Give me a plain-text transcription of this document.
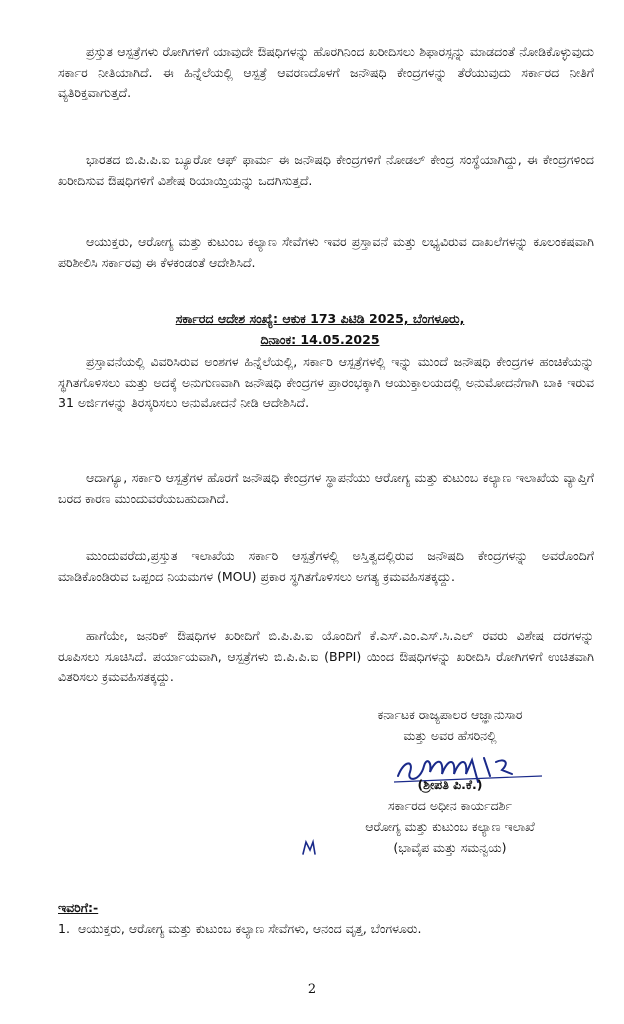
ಪ್ರಸ್ತುತ ಆಸ್ಪತ್ರೆಗಳು ರೋಗಿಗಳಿಗೆ ಯಾವುದೇ ಔಷಧಿಗಳನ್ನು ಹೊರಗಿನಿಂದ ಖರೀದಿಸಲು ಶಿಫಾರಸ್ಸನ್ನು ಮಾಡದಂತೆ ನೋಡಿಕೊಳ್ಳುವುದು ಸರ್ಕಾರ ನೀತಿಯಾಗಿದೆ. ಈ ಹಿನ್ನೆಲೆಯಲ್ಲಿ ಆಸ್ಪತ್ರೆ ಆವರಣದೊಳಗೆ ಜನೌಷಧಿ ಕೇಂದ್ರಗಳನ್ನು ತೆರೆಯುವುದು ಸರ್ಕಾರದ ನೀತಿಗೆ ವ್ಯತಿರಿಕ್ತವಾಗುತ್ತದೆ.

ಭಾರತದ ಬಿ.ಪಿ.ಪಿ.ಐ ಬ್ಯೂರೋ ಆಫ್ ಫಾರ್ಮ ಈ ಜನೌಷಧಿ ಕೇಂದ್ರಗಳಿಗೆ ನೋಡಲ್ ಕೇಂದ್ರ ಸಂಸ್ಥೆಯಾಗಿದ್ದು, ಈ ಕೇಂದ್ರಗಳಿಂದ ಖರೀದಿಸುವ ಔಷಧಿಗಳಿಗೆ ವಿಶೇಷ ರಿಯಾಯ್ತಿಯನ್ನು ಒದಗಿಸುತ್ತದೆ.

ಆಯುಕ್ತರು, ಆರೋಗ್ಯ ಮತ್ತು ಕುಟುಂಬ ಕಲ್ಯಾಣ ಸೇವೆಗಳು ಇವರ ಪ್ರಸ್ತಾವನೆ ಮತ್ತು ಲಭ್ಯವಿರುವ ದಾಖಲೆಗಳನ್ನು ಕೂಲಂಕಷವಾಗಿ ಪರಿಶೀಲಿಸಿ ಸರ್ಕಾರವು ಈ ಕೆಳಕಂಡಂತೆ ಆದೇಶಿಸಿದೆ.

ಸರ್ಕಾರದ ಆದೇಶ ಸಂಖ್ಯೆ: ಆಕುಕ 173 ಪಿಟಿಡಿ 2025, ಬೆಂಗಳೂರು,
ದಿನಾಂಕ: 14.05.2025

ಪ್ರಸ್ತಾವನೆಯಲ್ಲಿ ವಿವರಿಸಿರುವ ಅಂಶಗಳ ಹಿನ್ನೆಲೆಯಲ್ಲಿ, ಸರ್ಕಾರಿ ಆಸ್ಪತ್ರೆಗಳಲ್ಲಿ ಇನ್ನು ಮುಂದೆ ಜನೌಷಧಿ ಕೇಂದ್ರಗಳ ಹಂಚಿಕೆಯನ್ನು ಸ್ಥಗಿತಗೊಳಿಸಲು ಮತ್ತು ಅದಕ್ಕೆ ಅನುಗುಣವಾಗಿ ಜನೌಷಧಿ ಕೇಂದ್ರಗಳ ಪ್ರಾರಂಭಕ್ಕಾಗಿ ಆಯುಕ್ತಾಲಯದಲ್ಲಿ ಅನುಮೋದನೆಗಾಗಿ ಬಾಕಿ ಇರುವ 31 ಅರ್ಜಿಗಳನ್ನು ತಿರಸ್ಕರಿಸಲು ಅನುಮೋದನೆ ನೀಡಿ ಆದೇಶಿಸಿದೆ.

ಆದಾಗ್ಯೂ, ಸರ್ಕಾರಿ ಆಸ್ಪತ್ರೆಗಳ ಹೊರಗೆ ಜನೌಷಧಿ ಕೇಂದ್ರಗಳ ಸ್ಥಾಪನೆಯು ಆರೋಗ್ಯ ಮತ್ತು ಕುಟುಂಬ ಕಲ್ಯಾಣ ಇಲಾಖೆಯ ವ್ಯಾಪ್ತಿಗೆ ಬರದ ಕಾರಣ ಮುಂದುವರೆಯಬಹುದಾಗಿದೆ.

ಮುಂದುವರೆದು,ಪ್ರಸ್ತುತ ಇಲಾಖೆಯ ಸರ್ಕಾರಿ ಆಸ್ಪತ್ರೆಗಳಲ್ಲಿ ಅಸ್ತಿತ್ವದಲ್ಲಿರುವ ಜನೌಷದಿ ಕೇಂದ್ರಗಳನ್ನು ಅವರೊಂದಿಗೆ ಮಾಡಿಕೊಂಡಿರುವ ಒಪ್ಪಂದ ನಿಯಮಗಳ (MOU) ಪ್ರಕಾರ ಸ್ಥಗಿತಗೊಳಿಸಲು ಅಗತ್ಯ ಕ್ರಮವಹಿಸತಕ್ಕದ್ದು.

ಹಾಗೆಯೇ, ಜನರಿಕ್ ಔಷಧಿಗಳ ಖರೀದಿಗೆ ಬಿ.ಪಿ.ಪಿ.ಐ ಯೊಂದಿಗೆ ಕೆ.ಎಸ್.ಎಂ.ಎಸ್.ಸಿ.ಎಲ್ ರವರು ವಿಶೇಷ ದರಗಳನ್ನು ರೂಪಿಸಲು ಸೂಚಿಸಿದೆ. ಪರ್ಯಾಯವಾಗಿ, ಆಸ್ಪತ್ರೆಗಳು ಬಿ.ಪಿ.ಪಿ.ಐ (BPPI) ಯಿಂದ ಔಷಧಿಗಳನ್ನು ಖರೀದಿಸಿ ರೋಗಿಗಳಿಗೆ ಉಚಿತವಾಗಿ ವಿತರಿಸಲು ಕ್ರಮವಹಿಸತಕ್ಕದ್ದು.

ಕರ್ನಾಟಕ ರಾಜ್ಯಪಾಲರ ಆಜ್ಞಾನುಸಾರ
ಮತ್ತು ಅವರ ಹೆಸರಿನಲ್ಲಿ
(ಶ್ರೀಪತಿ ಪಿ.ಕೆ.)
ಸರ್ಕಾರದ ಅಧೀನ ಕಾರ್ಯದರ್ಶಿ
ಆರೋಗ್ಯ ಮತ್ತು ಕುಟುಂಬ ಕಲ್ಯಾಣ ಇಲಾಖೆ
(ಭಾವೈಪ ಮತ್ತು ಸಮನ್ವಯ)
ಇವರಿಗೆ:-
1. ಆಯುಕ್ತರು, ಆರೋಗ್ಯ ಮತ್ತು ಕುಟುಂಬ ಕಲ್ಯಾಣ ಸೇವೆಗಳು, ಆನಂದ ವೃತ್ತ, ಬೆಂಗಳೂರು.
2
